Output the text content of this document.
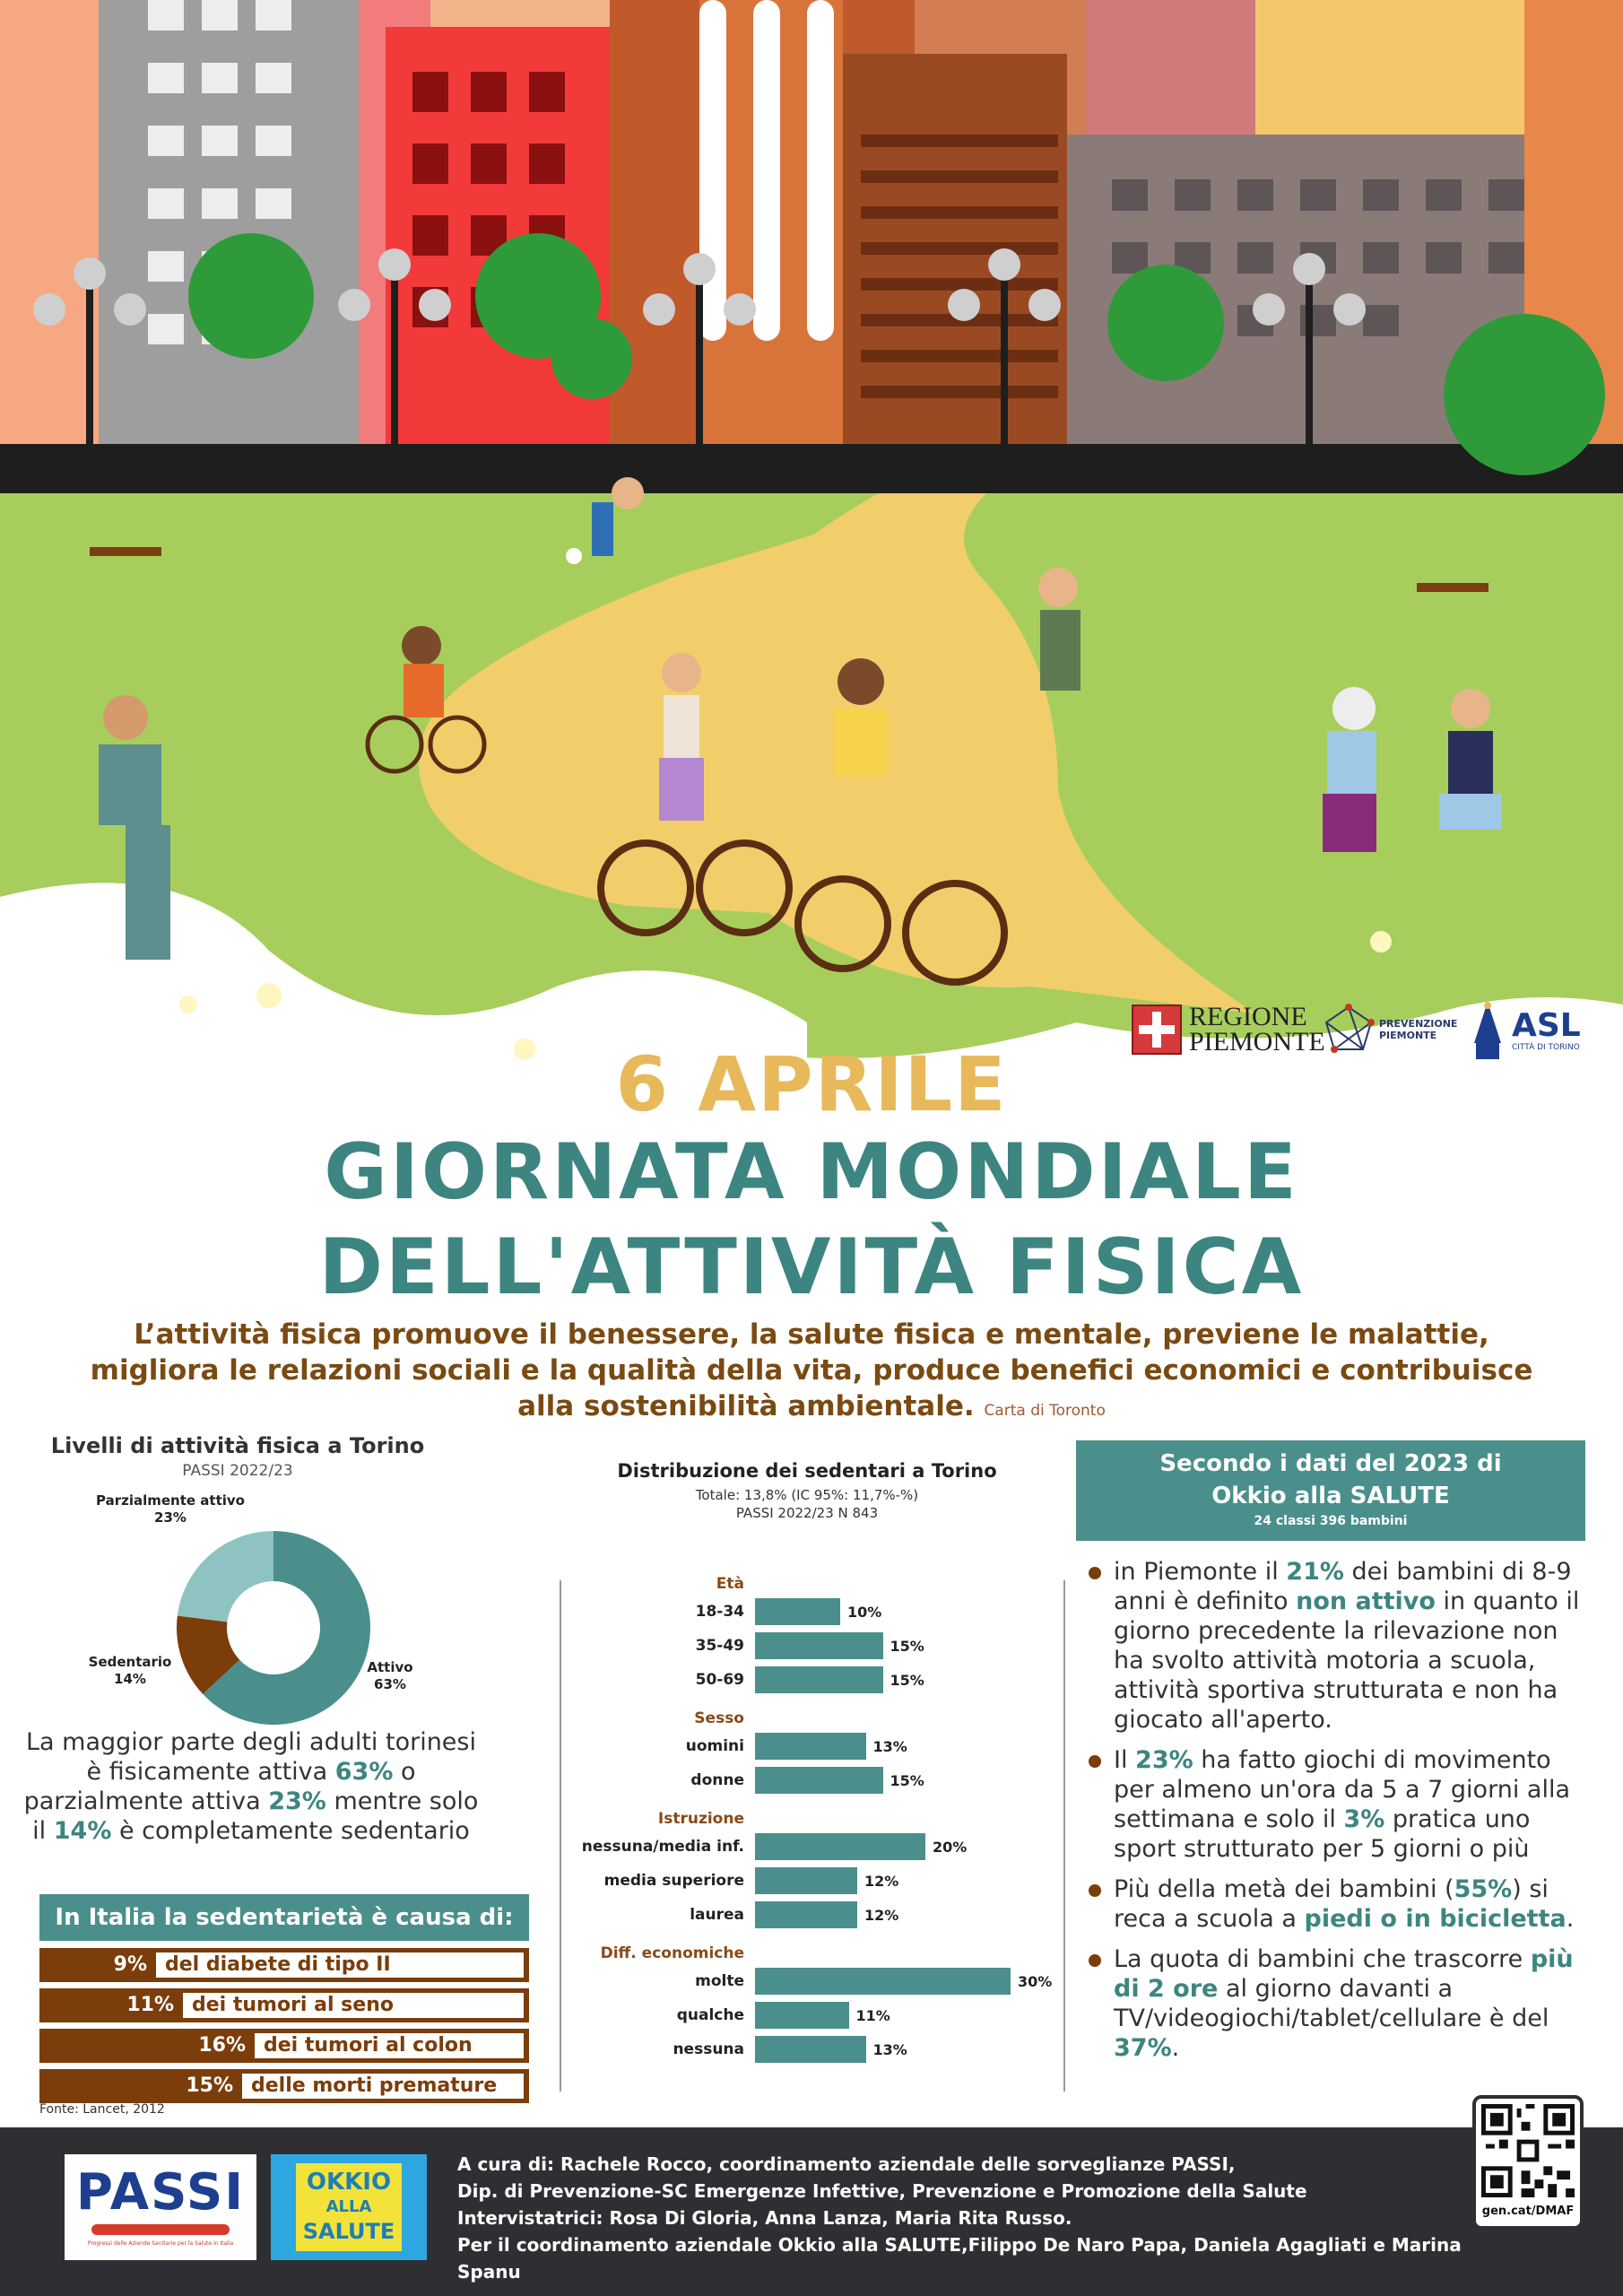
REGIONE
PIEMONTE
PREVENZIONE
PIEMONTE	ASL
CITTÀ DI TORINO
6 APRILE
GIORNATA MONDIALE
DELL'ATTIVITÀ FISICA
L’attività fisica promuove il benessere, la salute fisica e mentale, previene le malattie, migliora le relazioni sociali e la qualità della vita, produce benefici economici e contribuisce alla sostenibilità ambientale. Carta di Toronto
Livelli di attività fisica a Torino
PASSI 2022/23
Parzialmente attivo
23%
Sedentario
14%
Attivo
63%
La maggior parte degli adulti torinesi è fisicamente attiva 63% o parzialmente attiva 23% mentre solo il 14% è completamente sedentario
In Italia la sedentarietà è causa di:
9% del diabete di tipo II
11% dei tumori al seno
16% dei tumori al colon
15% delle morti premature
Fonte: Lancet, 2012
Distribuzione dei sedentari a Torino
Totale: 13,8% (IC 95%: 11,7%-%)
PASSI 2022/23 N 843
Età
18-34	10%
35-49	15%
50-69	15%
Sesso
uomini	13%
donne	15%
Istruzione
nessuna/media inf.	20%
media superiore	12%
laurea	12%
Diff. economiche
molte	30%
qualche	11%
nessuna	13%
Secondo i dati del 2023 di
Okkio alla SALUTE
24 classi 396 bambini
in Piemonte il 21% dei bambini di 8-9 anni è definito non attivo in quanto il giorno precedente la rilevazione non ha svolto attività motoria a scuola, attività sportiva strutturata e non ha giocato all'aperto.
Il 23% ha fatto giochi di movimento per almeno un'ora da 5 a 7 giorni alla settimana e solo il 3% pratica uno sport strutturato per 5 giorni o più
Più della metà dei bambini (55%) si reca a scuola a piedi o in bicicletta.
La quota di bambini che trascorre più di 2 ore al giorno davanti a TV/videogiochi/tablet/cellulare è del 37%.
PASSI
Progressi delle Aziende Sanitarie per la Salute in Italia
OKKIO
ALLA
SALUTE
A cura di: Rachele Rocco, coordinamento aziendale delle sorveglianze PASSI,
Dip. di Prevenzione-SC Emergenze Infettive, Prevenzione e Promozione della Salute
Intervistatrici: Rosa Di Gloria, Anna Lanza, Maria Rita Russo.
Per il coordinamento aziendale Okkio alla SALUTE,Filippo De Naro Papa, Daniela Agagliati e Marina Spanu
gen.cat/DMAF
